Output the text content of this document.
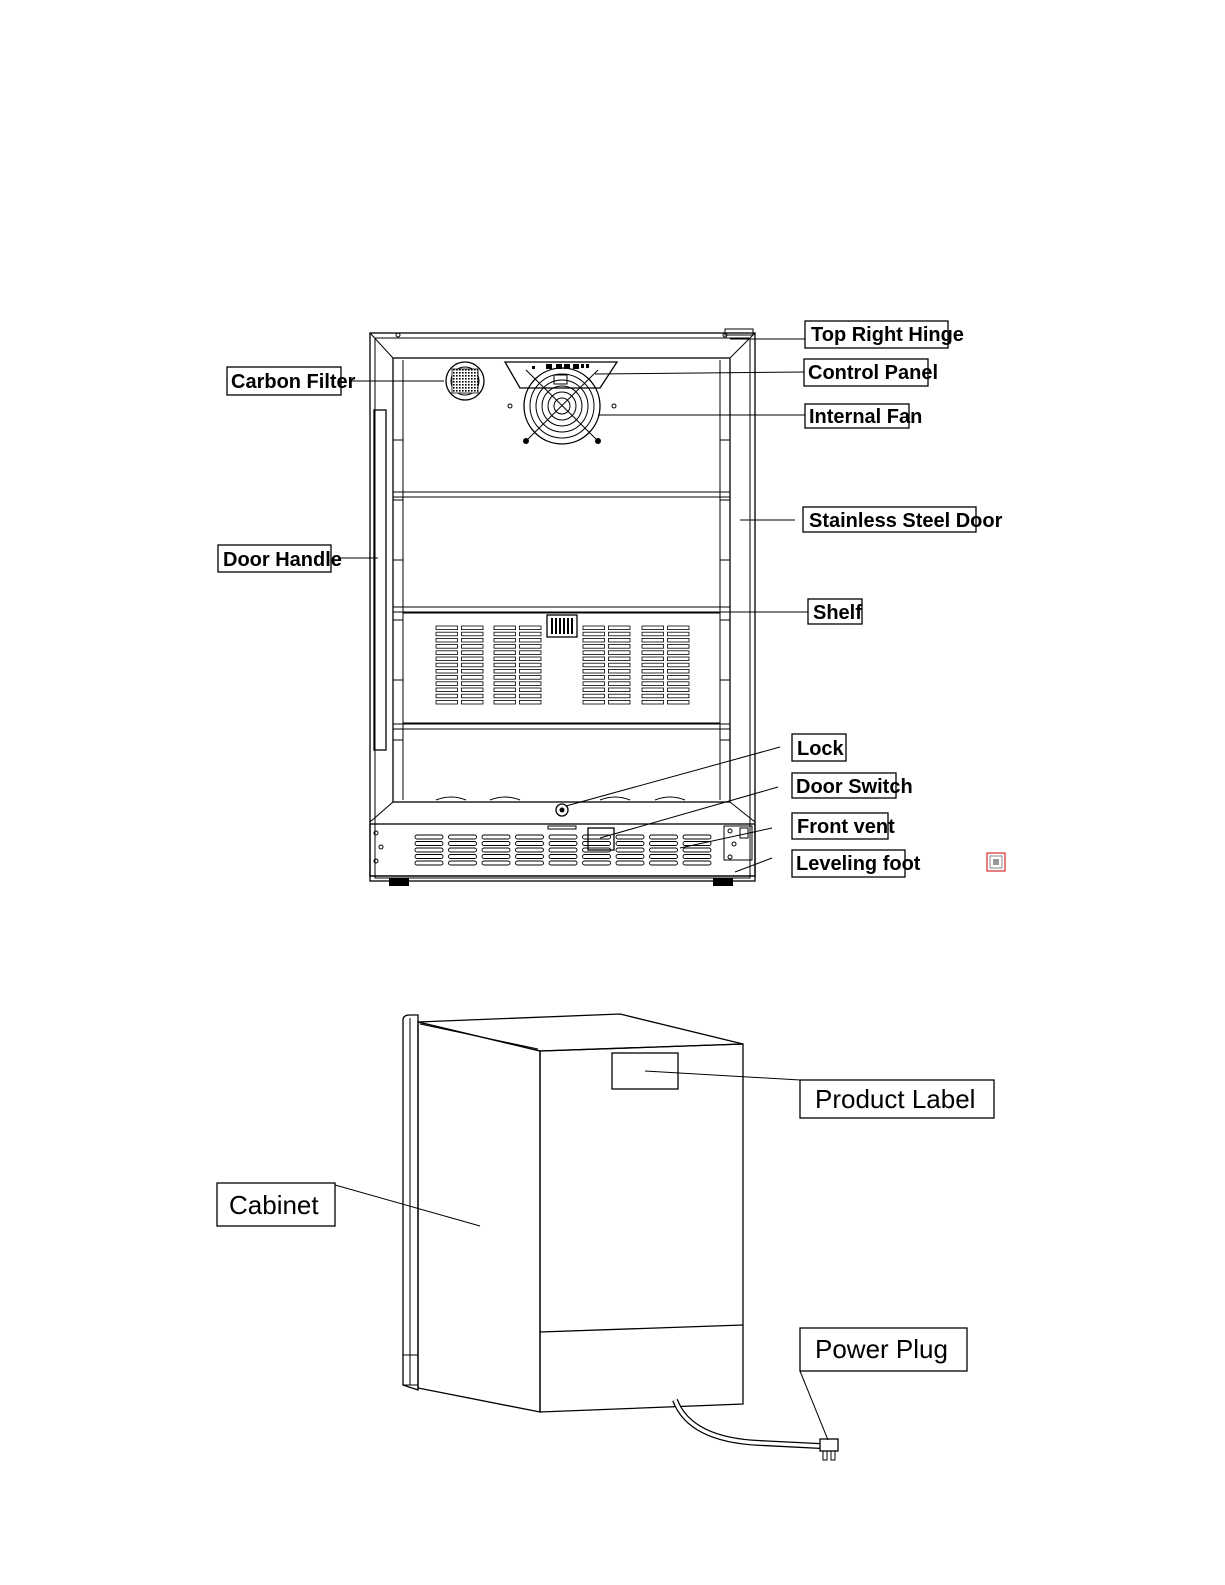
Top Right Hinge
Control Panel
Internal Fan
Stainless Steel Door
Shelf
Lock
Door Switch
Front vent
Leveling foot
Carbon Filter
Door Handle
Product Label
Cabinet
Power Plug
